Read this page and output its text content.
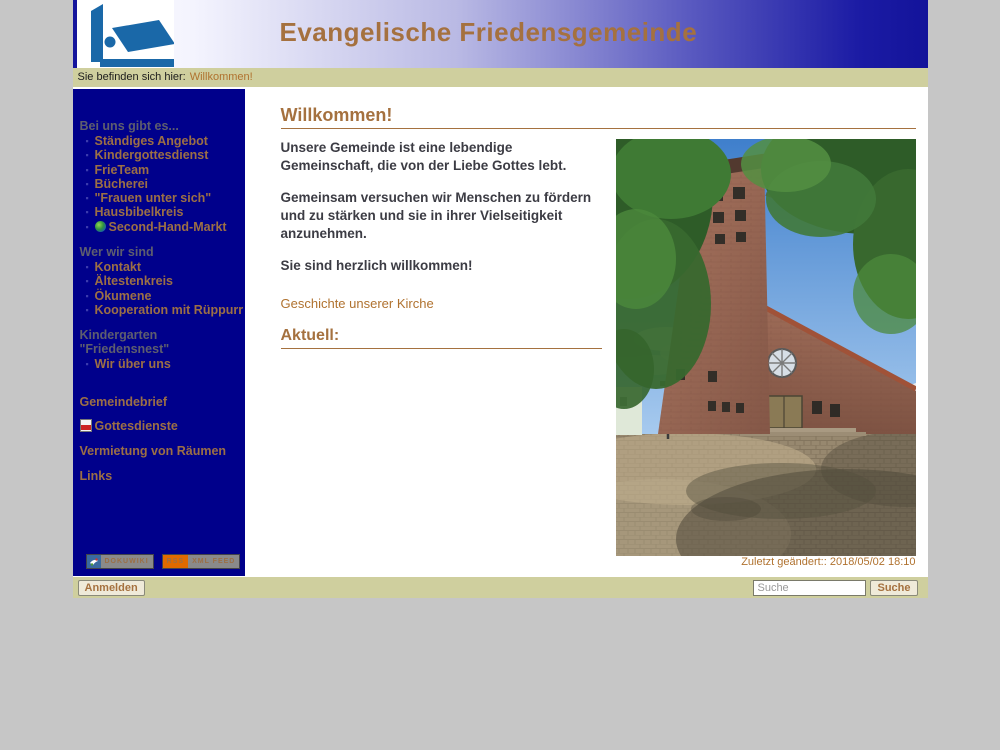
Evangelische Friedensgemeinde
Sie befinden sich hier: Willkommen!
Bei uns gibt es...
▪ Ständiges Angebot
▪ Kindergottesdienst
▪ FrieTeam
▪ Bücherei
▪ "Frauen unter sich"
▪ Hausbibelkreis
▪ Second-Hand-Markt
Wer wir sind
▪ Kontakt
▪ Ältestenkreis
▪ Ökumene
▪ Kooperation mit Rüppurr
Kindergarten "Friedensnest"
▪ Wir über uns
Gemeindebrief
Gottesdienste
Vermietung von Räumen
Links
DOKUWIKI	RSS	XML FEED
Willkommen!

Unsere Gemeinde ist eine lebendige Gemeinschaft, die von der Liebe Gottes lebt.

Gemeinsam versuchen wir Menschen zu fördern und zu stärken und sie in ihrer Vielseitigkeit anzunehmen.

Sie sind herzlich willkommen!

Geschichte unserer Kirche

Aktuell:
Zuletzt geändert:: 2018/05/02 18:10
Anmelden
Suche	Suche
